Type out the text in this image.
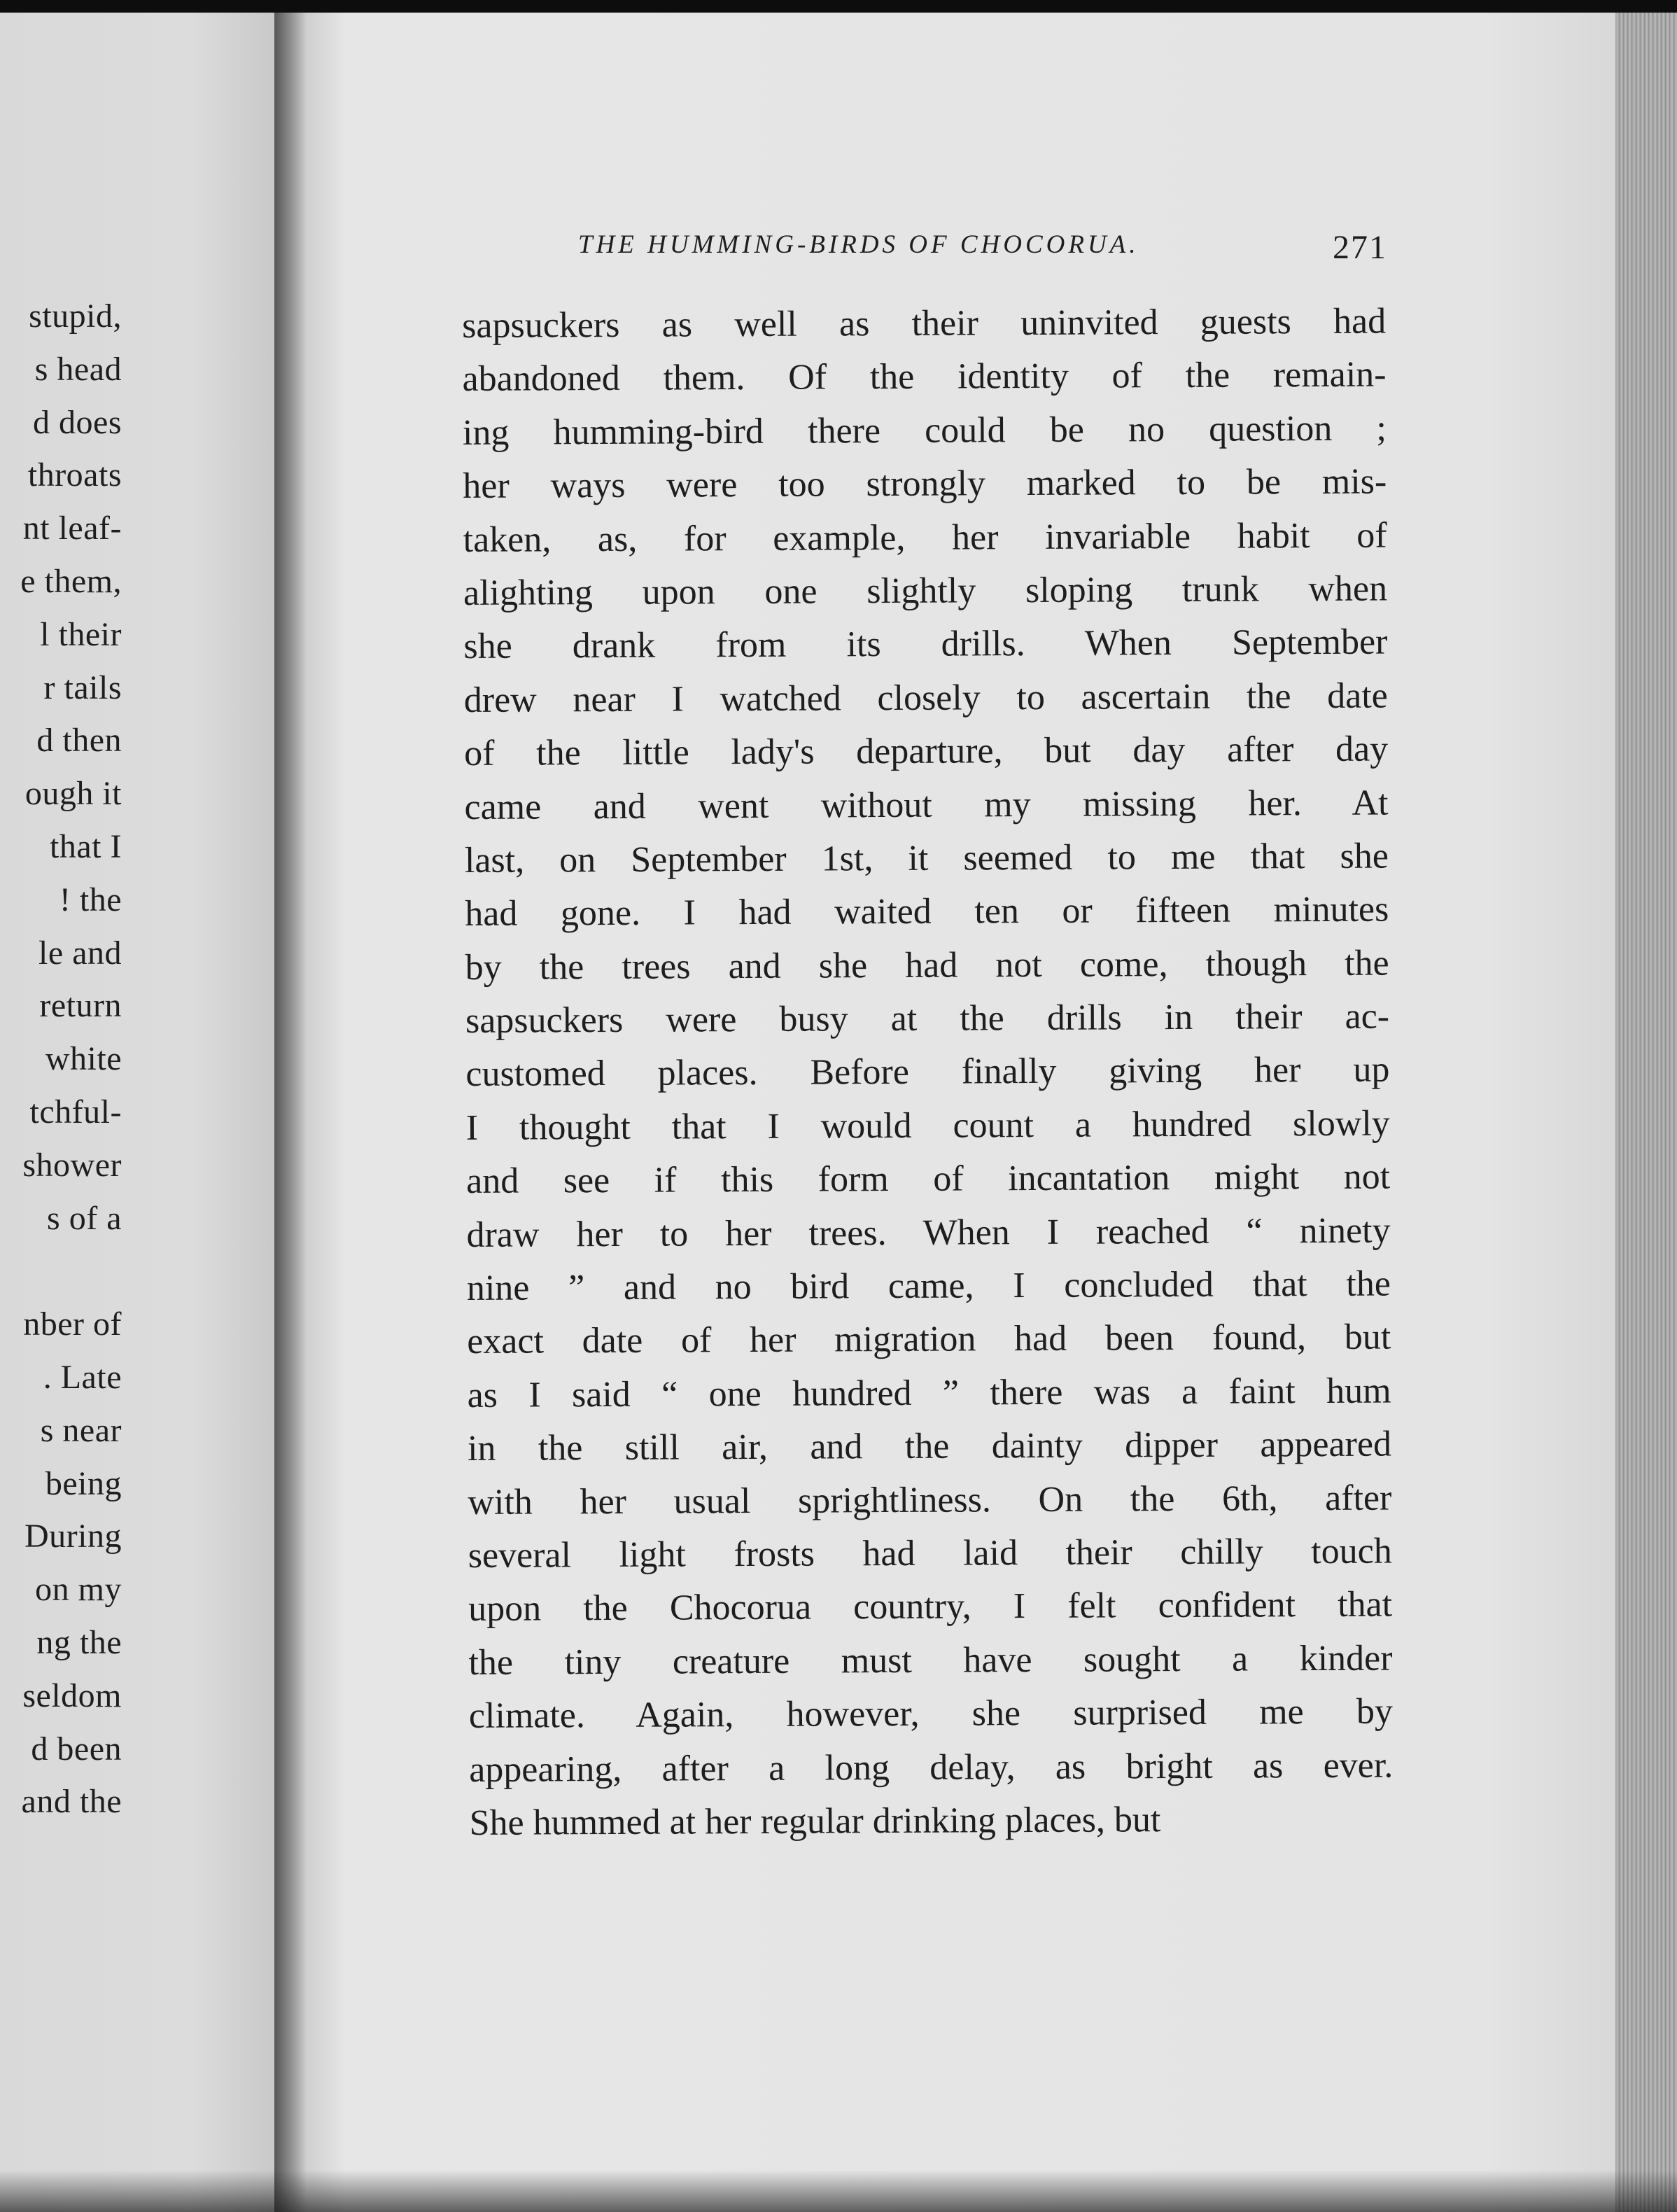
stupid,
s head
d does
throats
nt leaf-
e them,
l their
r tails
d then
ough it
that I
! the
le and
return
white
tchful-
shower
s of a
nber of
. Late
s near
being
During
on my
ng the
seldom
d been
and the
THE HUMMING-BIRDS OF CHOCORUA.	271
sapsuckers as well as their uninvited guests had
abandoned them. Of the identity of the remain-
ing humming-bird there could be no question ;
her ways were too strongly marked to be mis-
taken, as, for example, her invariable habit of
alighting upon one slightly sloping trunk when
she drank from its drills. When September
drew near I watched closely to ascertain the date
of the little lady's departure, but day after day
came and went without my missing her. At
last, on September 1st, it seemed to me that she
had gone. I had waited ten or fifteen minutes
by the trees and she had not come, though the
sapsuckers were busy at the drills in their ac-
customed places. Before finally giving her up
I thought that I would count a hundred slowly
and see if this form of incantation might not
draw her to her trees. When I reached “ ninety
nine ” and no bird came, I concluded that the
exact date of her migration had been found, but
as I said “ one hundred ” there was a faint hum
in the still air, and the dainty dipper appeared
with her usual sprightliness. On the 6th, after
several light frosts had laid their chilly touch
upon the Chocorua country, I felt confident that
the tiny creature must have sought a kinder
climate. Again, however, she surprised me by
appearing, after a long delay, as bright as ever.
She hummed at her regular drinking places, but
